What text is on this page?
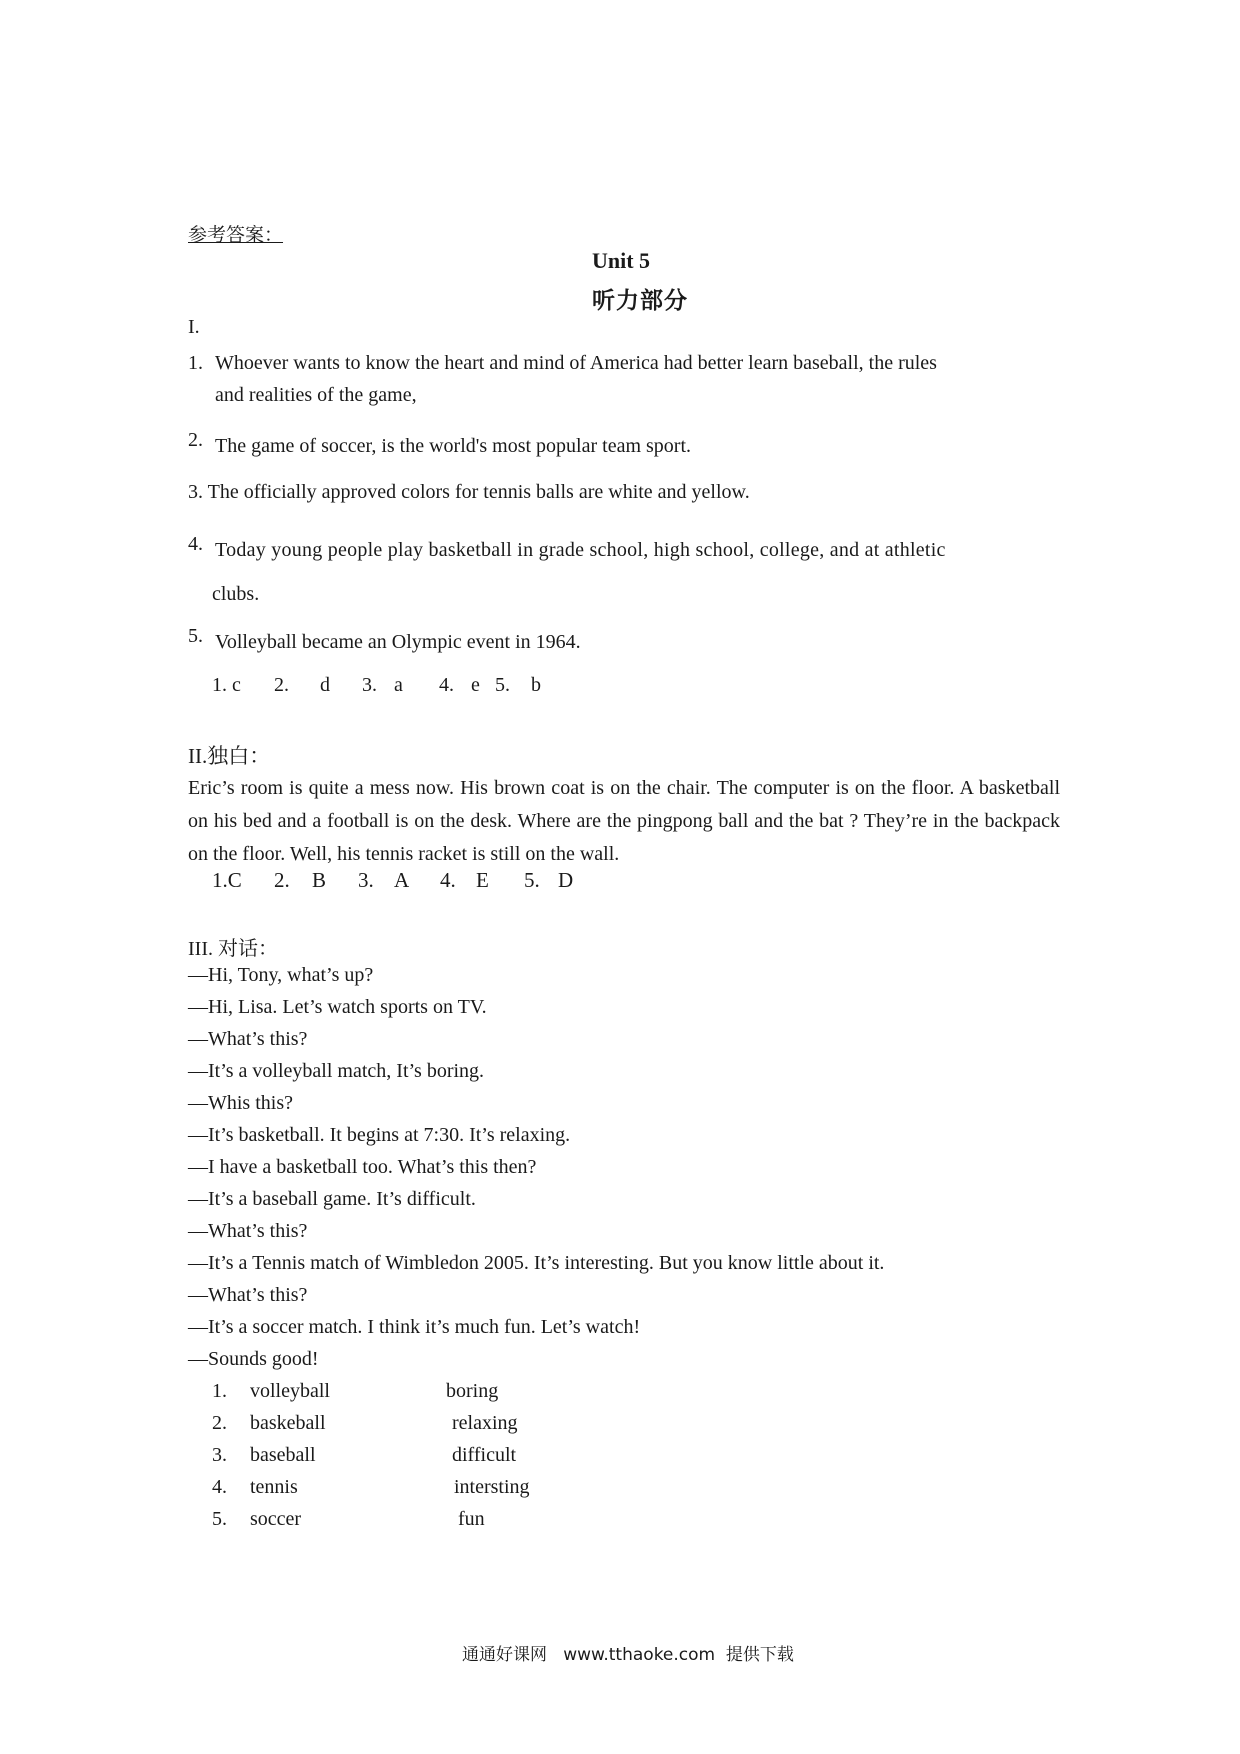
参考答案：
Unit 5
听力部分
I.
1. Whoever wants to know the heart and mind of America had better learn baseball, the rules
and realities of the game,
2. The game of soccer, is the world's most popular team sport.
3. The officially approved colors for tennis balls are white and yellow.
4. Today young people play basketball in grade school, high school, college, and at athletic
clubs.
5. Volleyball became an Olympic event in 1964.
1. c 2. d 3. a 4. e 5. b
II.独白：
Eric’s room is quite a mess now. His brown coat is on the chair. The computer is on the floor. A basketball on his bed and a football is on the desk. Where are the pingpong ball and the bat ? They’re in the backpack on the floor. Well, his tennis racket is still on the wall.
1.C 2. B 3. A 4. E 5. D
III. 对话：
—Hi, Tony, what’s up?
—Hi, Lisa. Let’s watch sports on TV.
—What’s this?
—It’s a volleyball match, It’s boring.
—Whis this?
—It’s basketball. It begins at 7:30. It’s relaxing.
—I have a basketball too. What’s this then?
—It’s a baseball game. It’s difficult.
—What’s this?
—It’s a Tennis match of Wimbledon 2005. It’s interesting. But you know little about it.
—What’s this?
—It’s a soccer match. I think it’s much fun. Let’s watch!
—Sounds good!
1. volleyball	boring
2. baskeball	relaxing
3. baseball	difficult
4. tennis	intersting
5. soccer	fun
通通好课网   www.tthaoke.com  提供下载
